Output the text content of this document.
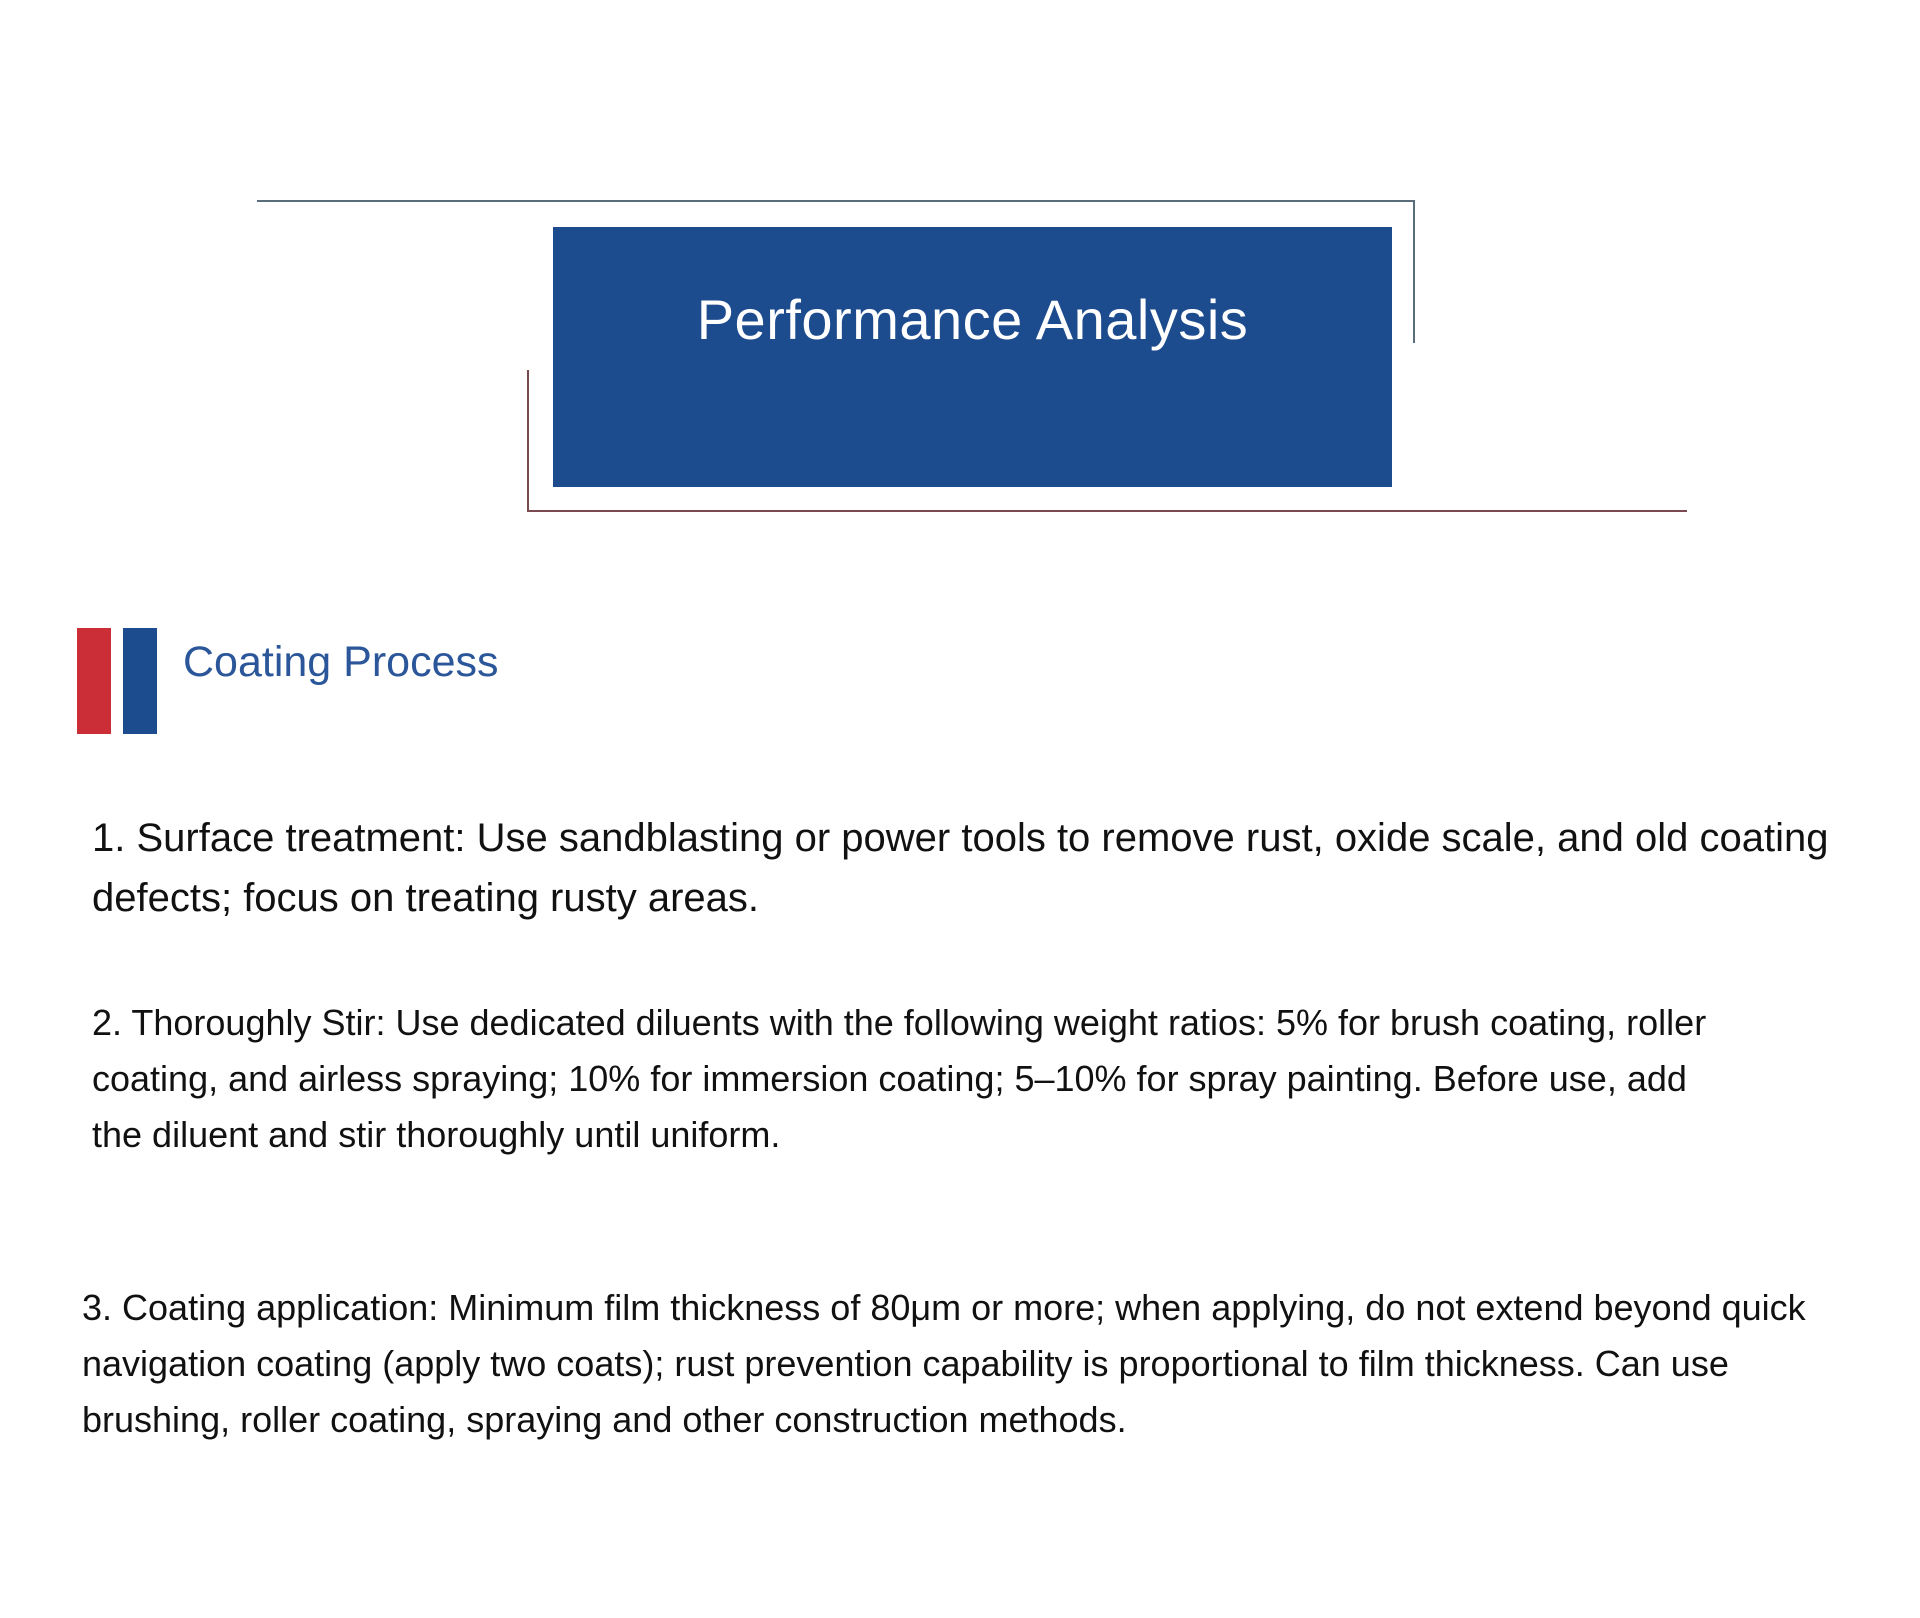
Performance Analysis
Coating Process

1. Surface treatment: Use sandblasting or power tools to remove rust, oxide scale, and old coating defects; focus on treating rusty areas.

2. Thoroughly Stir: Use dedicated diluents with the following weight ratios: 5% for brush coating, roller coating, and airless spraying; 10% for immersion coating; 5–10% for spray painting. Before use, add the diluent and stir thoroughly until uniform.

3. Coating application: Minimum film thickness of 80μm or more; when applying, do not extend beyond quick navigation coating (apply two coats); rust prevention capability is proportional to film thickness. Can use brushing, roller coating, spraying and other construction methods.
